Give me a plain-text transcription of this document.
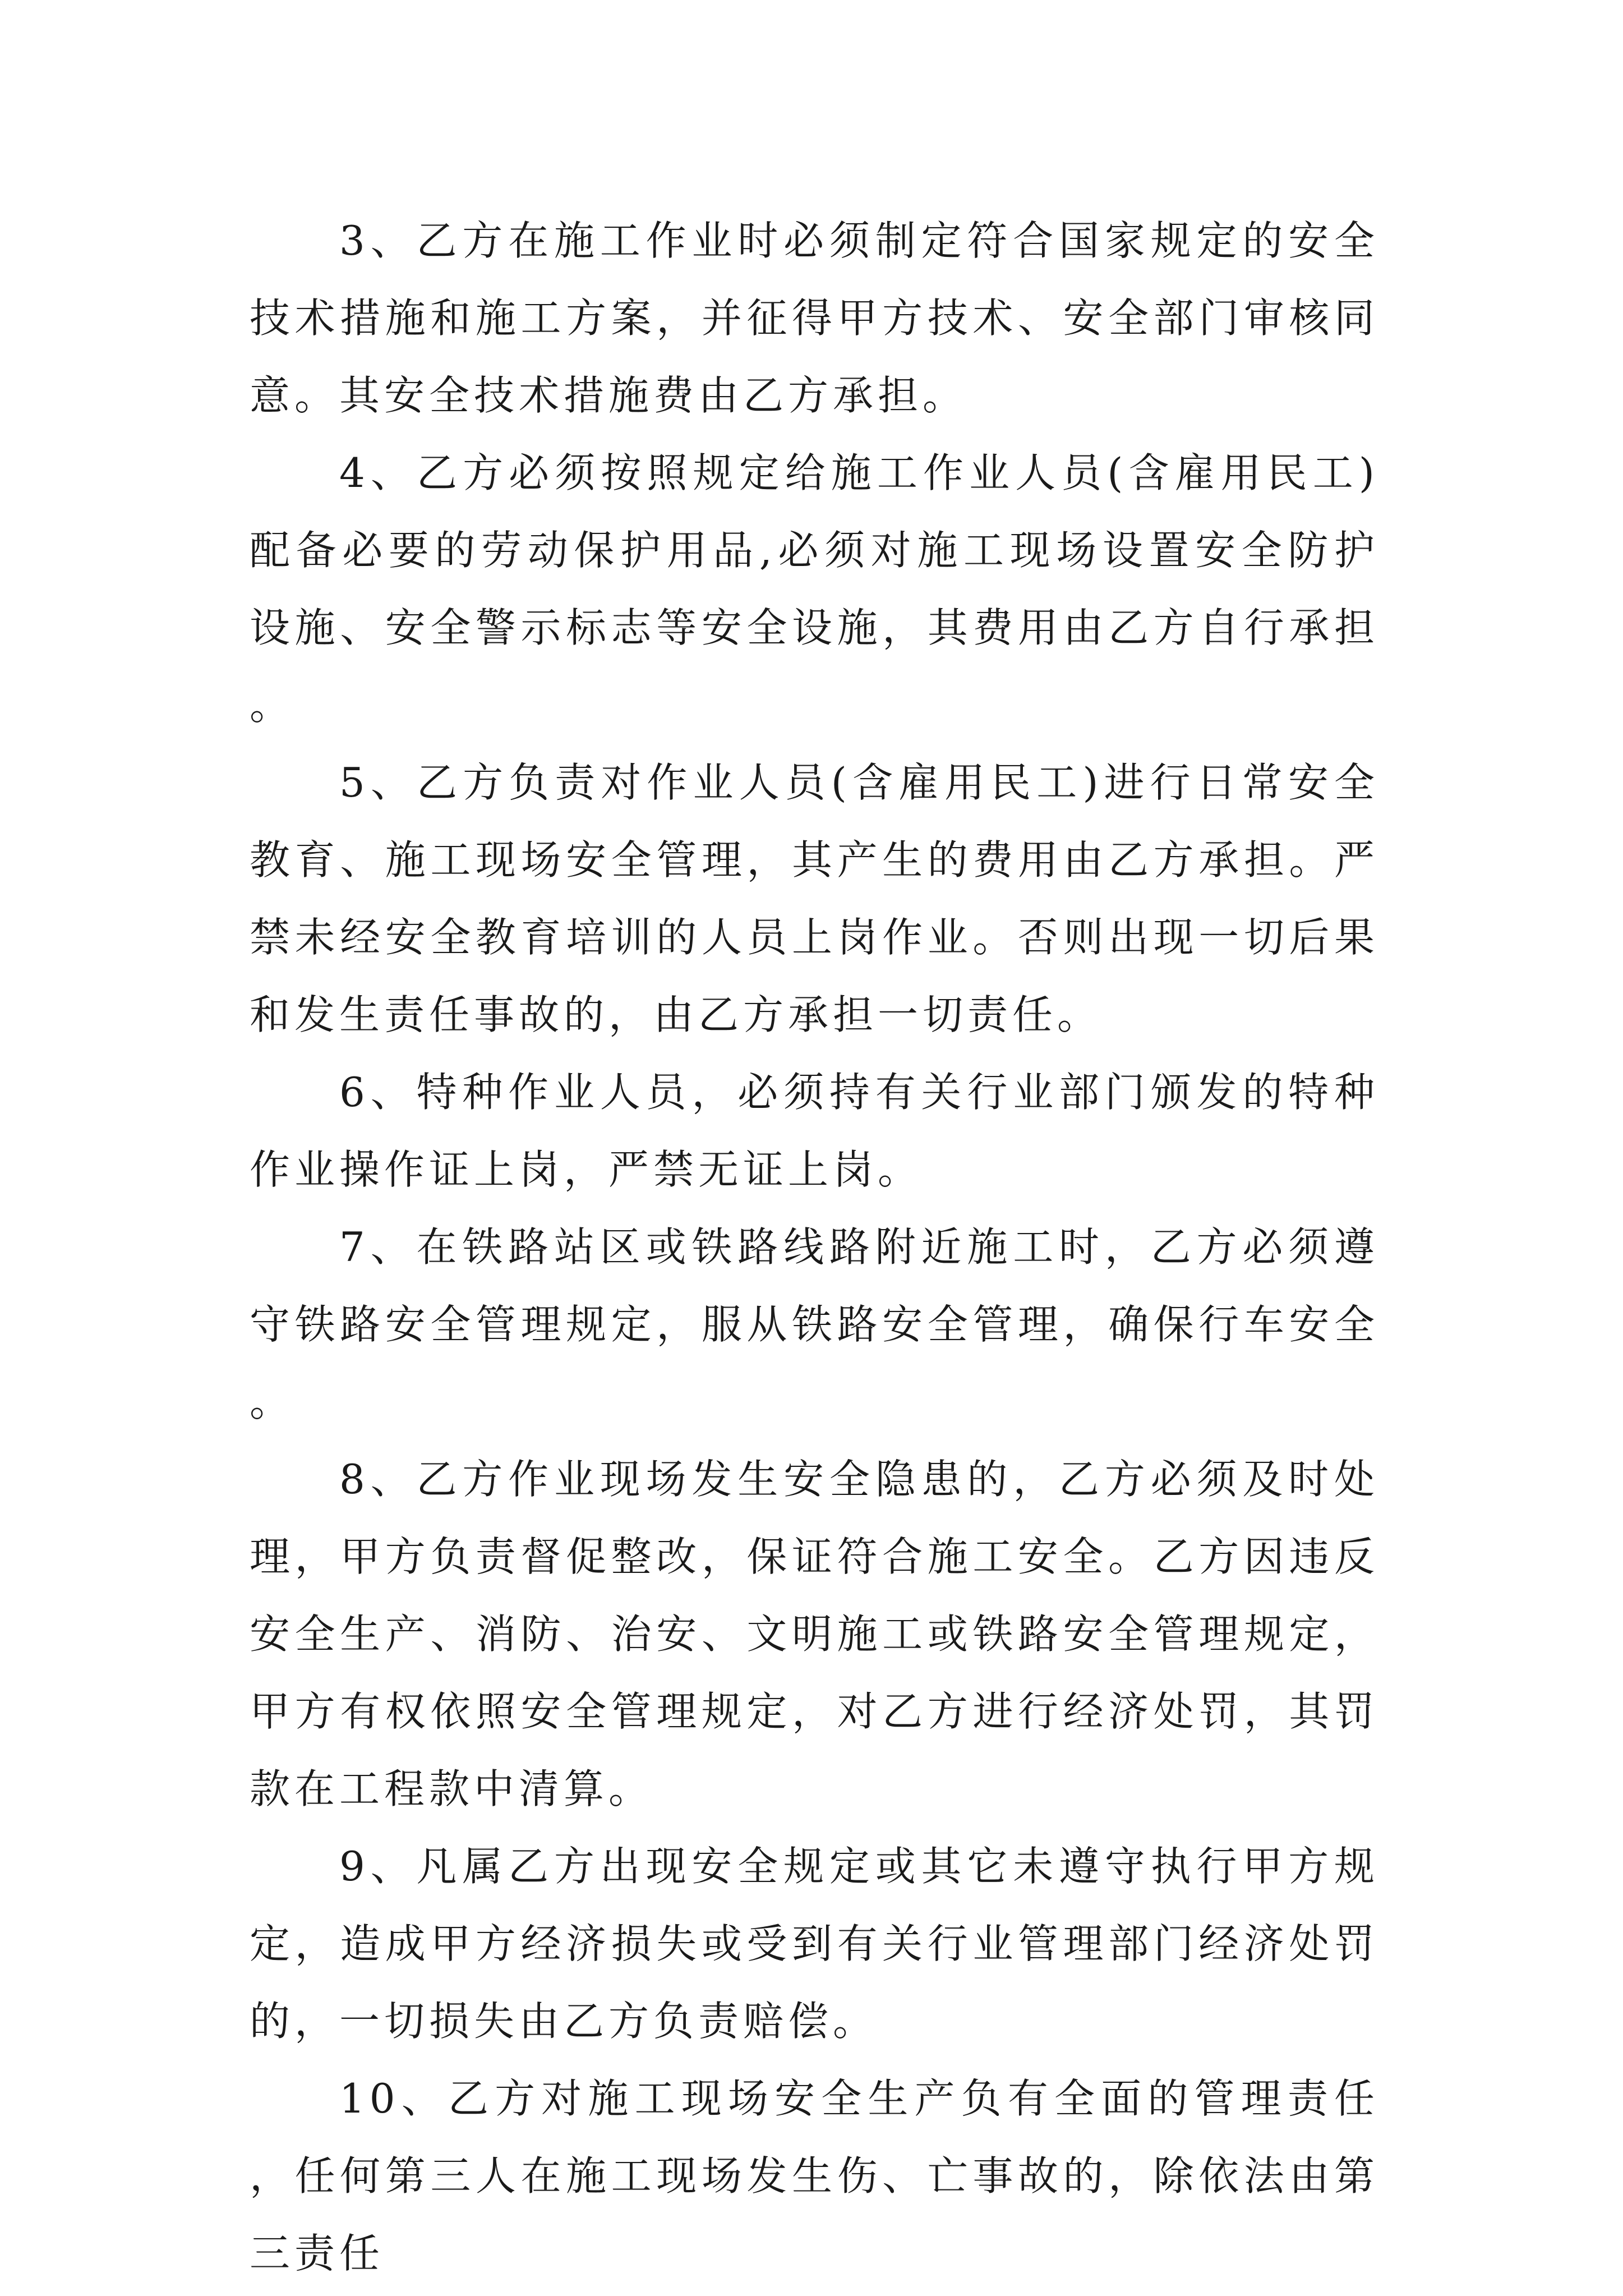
3、乙方在施工作业时必须制定符合国家规定的安全技术措施和施工方案，并征得甲方技术、安全部门审核同意。其安全技术措施费由乙方承担。

4、乙方必须按照规定给施工作业人员(含雇用民工)配备必要的劳动保护用品,必须对施工现场设置安全防护设施、安全警示标志等安全设施，其费用由乙方自行承担。

5、乙方负责对作业人员(含雇用民工)进行日常安全教育、施工现场安全管理，其产生的费用由乙方承担。严禁未经安全教育培训的人员上岗作业。否则出现一切后果和发生责任事故的，由乙方承担一切责任。

6、特种作业人员，必须持有关行业部门颁发的特种作业操作证上岗，严禁无证上岗。

7、在铁路站区或铁路线路附近施工时，乙方必须遵守铁路安全管理规定，服从铁路安全管理，确保行车安全。

8、乙方作业现场发生安全隐患的，乙方必须及时处理，甲方负责督促整改，保证符合施工安全。乙方因违反安全生产、消防、治安、文明施工或铁路安全管理规定，甲方有权依照安全管理规定，对乙方进行经济处罚，其罚款在工程款中清算。

9、凡属乙方出现安全规定或其它未遵守执行甲方规定，造成甲方经济损失或受到有关行业管理部门经济处罚的，一切损失由乙方负责赔偿。

10、乙方对施工现场安全生产负有全面的管理责任，任何第三人在施工现场发生伤、亡事故的，除依法由第三责任
